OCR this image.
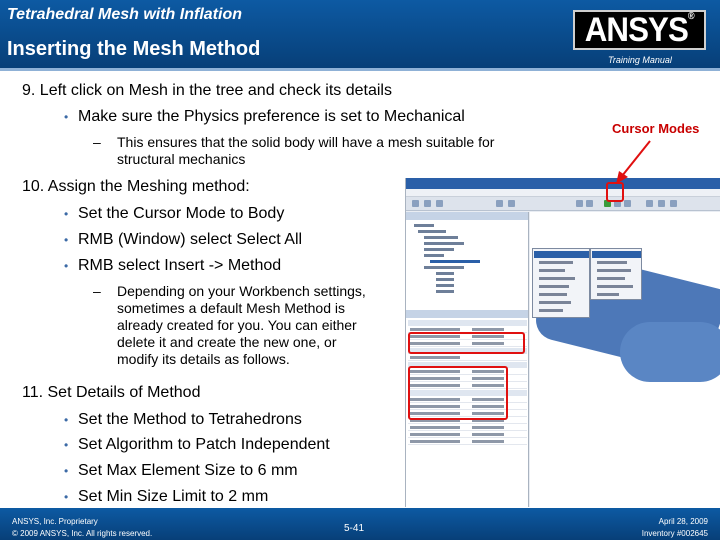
Tetrahedral Mesh with Inflation
Inserting the Mesh Method
ANSYS®
Training Manual
9. Left click on Mesh in the tree and check its details
• Make sure the Physics preference is set to Mechanical
– This ensures that the solid body will have a mesh suitable for
structural mechanics
Cursor Modes
10. Assign the Meshing method:
• Set the Cursor Mode to Body
• RMB (Window) select Select All
• RMB select Insert -> Method
– Depending on your Workbench settings,
sometimes a default Mesh Method is
already created for you. You can either
delete it and create the new one, or
modify its details as follows.
11. Set Details of Method
• Set the Method to Tetrahedrons
• Set Algorithm to Patch Independent
• Set Max Element Size to 6 mm
• Set Min Size Limit to 2 mm
ANSYS, Inc. Proprietary
© 2009 ANSYS, Inc. All rights reserved.	5-41
April 28, 2009
Inventory #002645
